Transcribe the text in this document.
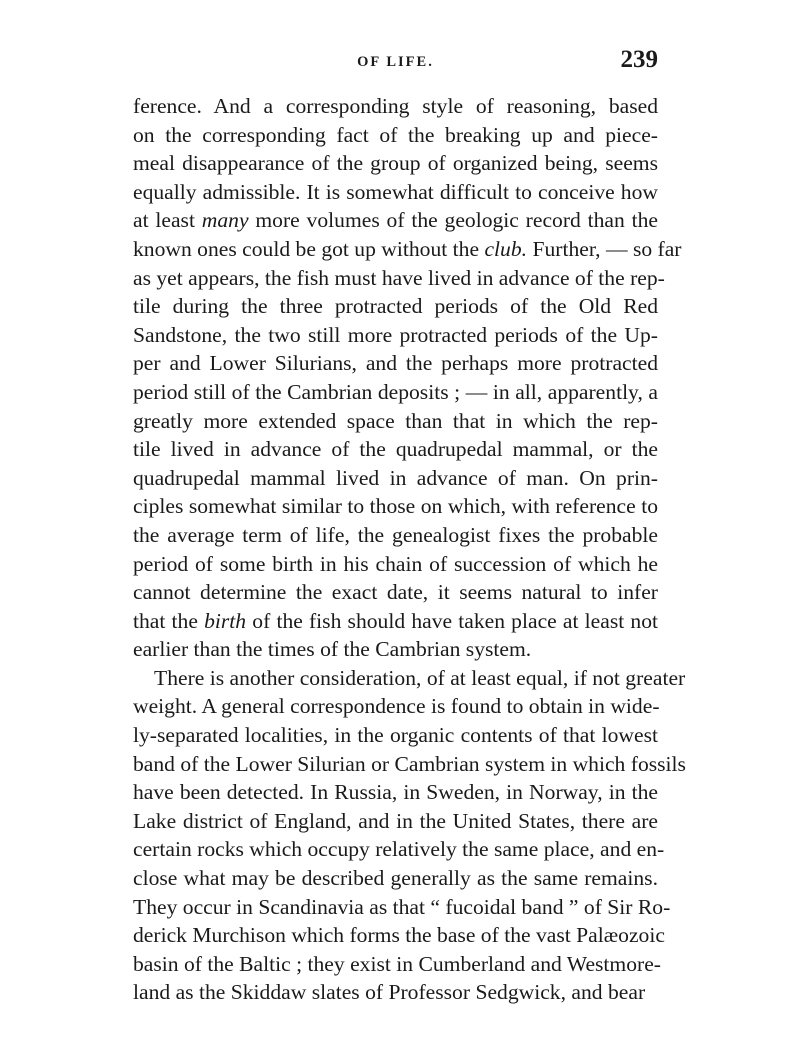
OF LIFE.	239
ference. And a corresponding style of reasoning, based
on the corresponding fact of the breaking up and piece-
meal disappearance of the group of organized being, seems
equally admissible. It is somewhat difficult to conceive how
at least many more volumes of the geologic record than the
known ones could be got up without the club. Further, — so far
as yet appears, the fish must have lived in advance of the rep-
tile during the three protracted periods of the Old Red
Sandstone, the two still more protracted periods of the Up-
per and Lower Silurians, and the perhaps more protracted
period still of the Cambrian deposits ; — in all, apparently, a
greatly more extended space than that in which the rep-
tile lived in advance of the quadrupedal mammal, or the
quadrupedal mammal lived in advance of man. On prin-
ciples somewhat similar to those on which, with reference to
the average term of life, the genealogist fixes the probable
period of some birth in his chain of succession of which he
cannot determine the exact date, it seems natural to infer
that the birth of the fish should have taken place at least not
earlier than the times of the Cambrian system.
There is another consideration, of at least equal, if not greater
weight. A general correspondence is found to obtain in wide-
ly-separated localities, in the organic contents of that lowest
band of the Lower Silurian or Cambrian system in which fossils
have been detected. In Russia, in Sweden, in Norway, in the
Lake district of England, and in the United States, there are
certain rocks which occupy relatively the same place, and en-
close what may be described generally as the same remains.
They occur in Scandinavia as that “ fucoidal band ” of Sir Ro-
derick Murchison which forms the base of the vast Palæozoic
basin of the Baltic ; they exist in Cumberland and Westmore-
land as the Skiddaw slates of Professor Sedgwick, and bear
